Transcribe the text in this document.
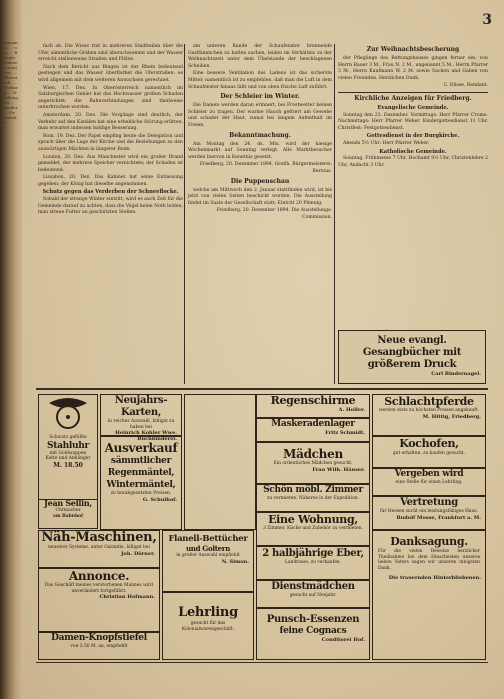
enmann, … um … Bürgermeister sondern … Eberstadt … Dieburg … Nedlungen … Kinder … Gemeinde
3

fach ab. Die Wiese trat in mehreren Stadtteilen über die Ufer, sämmtliche Gräben sind überschwemmt und der Wasser erreicht stellenweise Straßen und Plätze.

Nach dem Bericht aus Bingen ist der Rhein bedeutend gestiegen und das Wasser überfluthet die Uferstraßen; es wird allgemein mit dem weiteren Anwachsen gerechnet.

Wien, 17. Dez. In Oberösterreich namentlich im Salzburgischen Gebiet hat das Hochwasser großen Schaden angerichtet; die Bahnverbindungen sind theilweise unterbrochen worden.

Amsterdam, 20. Dez. Die Vorgänge sind deutlich, der Verkehr auf den Kanälen hat eine erhebliche Störung erlitten, man erwartet indessen baldige Besserung.

Rom, 19. Dez. Der Papst empfing heute die Delegation und sprach über die Lage der Kirche und die Beziehungen zu den auswärtigen Mächten in längerer Rede.

London, 20. Dez. Aus Manchester wird ein großer Brand gemeldet, der mehrere Speicher vernichtete; der Schaden ist bedeutend.

Lissabon, 20. Dez. Das Kabinet hat seine Entlassung gegeben; der König hat dieselbe angenommen.

Schutz gegen das Verderben der Schneeflocke.

Sobald der strenge Winter eintritt, wird es auch Zeit für die Gemeinde darauf zu achten, dass die Vögel keine Noth leiden; man streue Futter an geschützten Stellen.

am unteren Rande der Schaufenster brennende Gasflämmchen zu halten suchen, leiden im Verhältnis zu der Weihnachtszeit unter dem Übelstande der beschlagenen Scheiben.

Eine bessere Ventilation des Ladens ist das sicherste Mittel; namentlich ist zu empfehlen, daß man die Luft in dem Schaufenster hinaus läßt und von oben frische Luft zuführt.

Der Schleier im Winter.

Die Damen werden daran erinnert, bei Frostwetter keinen Schleier zu tragen. Der warme Hauch gefriert am Gewebe und schadet der Haut, zumal bei langem Aufenthalt im Freien.

Bekanntmachung.

Am Montag den 24. ds. Mts. wird der hiesige Wochenmarkt auf Sonntag verlegt. Alle Marktbesucher werden hiervon in Kenntnis gesetzt.

Friedberg, 20. Dezember 1894. Großh. Bürgermeisterei: Bernius.

Die Puppenschau

welche am Mittwoch den 2. Januar stattfinden wird, ist bis jetzt von vielen Seiten beschickt worden. Die Ausstellung findet im Saale der Gesellschaft statt; Eintritt 20 Pfennig.

Friedberg, 20. Dezember 1894. Die Ausstellungs-Commission.

Zur Weihnachtsbescherung

der Pfleglinge des Rettungshauses gingen ferner ein: von Herrn Bauer 3 M., Frau N. 2 M., ungenannt 5 M., Herrn Pfarrer 3 M., Herrn Kaufmann W. 2 M. sowie Sachen und Gaben von vielen Freunden. Herzlichen Dank.

C. Düsse, Rendant.

Kirchliche Anzeigen für Friedberg.

Evangelische Gemeinde.

Sonntag den 23. Dezember. Vormittags: Herr Pfarrer Crome. Nachmittags: Herr Pfarrer Weber. Kindergottesdienst 11 Uhr. Christfest: Festgottesdienst.

Gottesdienst in der Burgkirche.

Abends 5½ Uhr: Herr Pfarrer Weber.

Katholische Gemeinde.

Sonntag, Frühmesse 7 Uhr, Hochamt 9½ Uhr, Christenlehre 2 Uhr, Andacht 3 Uhr.

Neue evangl. Gesangbücher mit größerem Druck
Carl Bindernagel.
Schwarz gefüllte
Stahluhr
mit Goldwappen
Kette und Anhänger
M. 18.50
Jean Sellin,
Uhrmacher
am Bahnhof
Näh-Maschinen,
neuester Systeme, unter Garantie, billigst bei
Joh. Dörner.
Annonce.
Das Geschäft meines verstorbenen Mannes wird unverändert fortgeführt.
Christian Hofmann.
Damen-Knopfstiefel
von 3.50 M. an, empfiehlt
Neujahrs-Karten,
in reicher Auswahl, billigst zu haben bei
Heinrich Kohler Wwe. Buchbinderei.
Ausverkauf
sämmtlicher Regenmäntel, Wintermäntel,
zu herabgesetzten Preisen.
G. Schulhof.
Flanell-Bettücher
und Goltern
in großer Auswahl empfiehlt
N. Simon.
Lehrling
gesucht für das Kolonialwarengeschäft.
Regenschirme
A. Holler.
Maskeradenlager
Fritz Schmidt.
Mädchen
Ein ordentliches Mädchen gesucht.
Frau Wilh. Häuser.
Schön möbl. Zimmer
zu vermieten. Näheres in der Expedition.
Eine Wohnung,
3 Zimmer, Küche und Zubehör zu vermieten.
2 halbjährige Eber,
Landrasse, zu verkaufen.
Dienstmädchen
gesucht auf Neujahr.
Punsch-Essenzen
feine Cognacs
Conditorei Hof.
Schlachtpferde
werden stets zu höchsten Preisen angekauft.
M. Hittig, Friedberg.
Kochofen,
gut erhalten, zu kaufen gesucht.
Vergeben wird
eine Stelle für einen Lehrling.
Vertretung
für Hessen sucht ein leistungsfähiges Haus.
Rudolf Mosse, Frankfurt a. M.
Danksagung.
Für die vielen Beweise herzlicher Theilnahme bei dem Hinscheiden unseres lieben Vaters sagen wir unseren innigsten Dank.
Die trauernden Hinterbliebenen.
